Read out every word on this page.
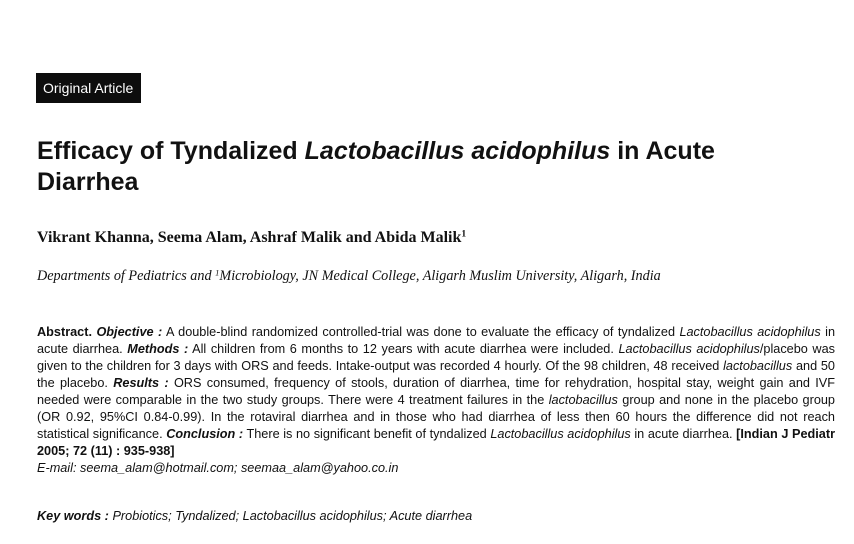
Original Article
Efficacy of Tyndalized Lactobacillus acidophilus in Acute Diarrhea
Vikrant Khanna, Seema Alam, Ashraf Malik and Abida Malik$^1$
Departments of Pediatrics and $^1$Microbiology, JN Medical College, Aligarh Muslim University, Aligarh, India

Abstract. Objective : A double-blind randomized controlled-trial was done to evaluate the efficacy of tyndalized Lactobacillus acidophilus in acute diarrhea. Methods : All children from 6 months to 12 years with acute diarrhea were included. Lactobacillus acidophilus/placebo was given to the children for 3 days with ORS and feeds. Intake-output was recorded 4 hourly. Of the 98 children, 48 received lactobacillus and 50 the placebo. Results : ORS consumed, frequency of stools, duration of diarrhea, time for rehydration, hospital stay, weight gain and IVF needed were comparable in the two study groups. There were 4 treatment failures in the lactobacillus group and none in the placebo group (OR 0.92, 95%CI 0.84-0.99). In the rotaviral diarrhea and in those who had diarrhea of less then 60 hours the difference did not reach statistical significance. Conclusion : There is no significant benefit of tyndalized Lactobacillus acidophilus in acute diarrhea. [Indian J Pediatr 2005; 72 (11) : 935-938]
E-mail: seema_alam@hotmail.com; seemaa_alam@yahoo.co.in

Key words : Probiotics; Tyndalized; Lactobacillus acidophilus; Acute diarrhea
